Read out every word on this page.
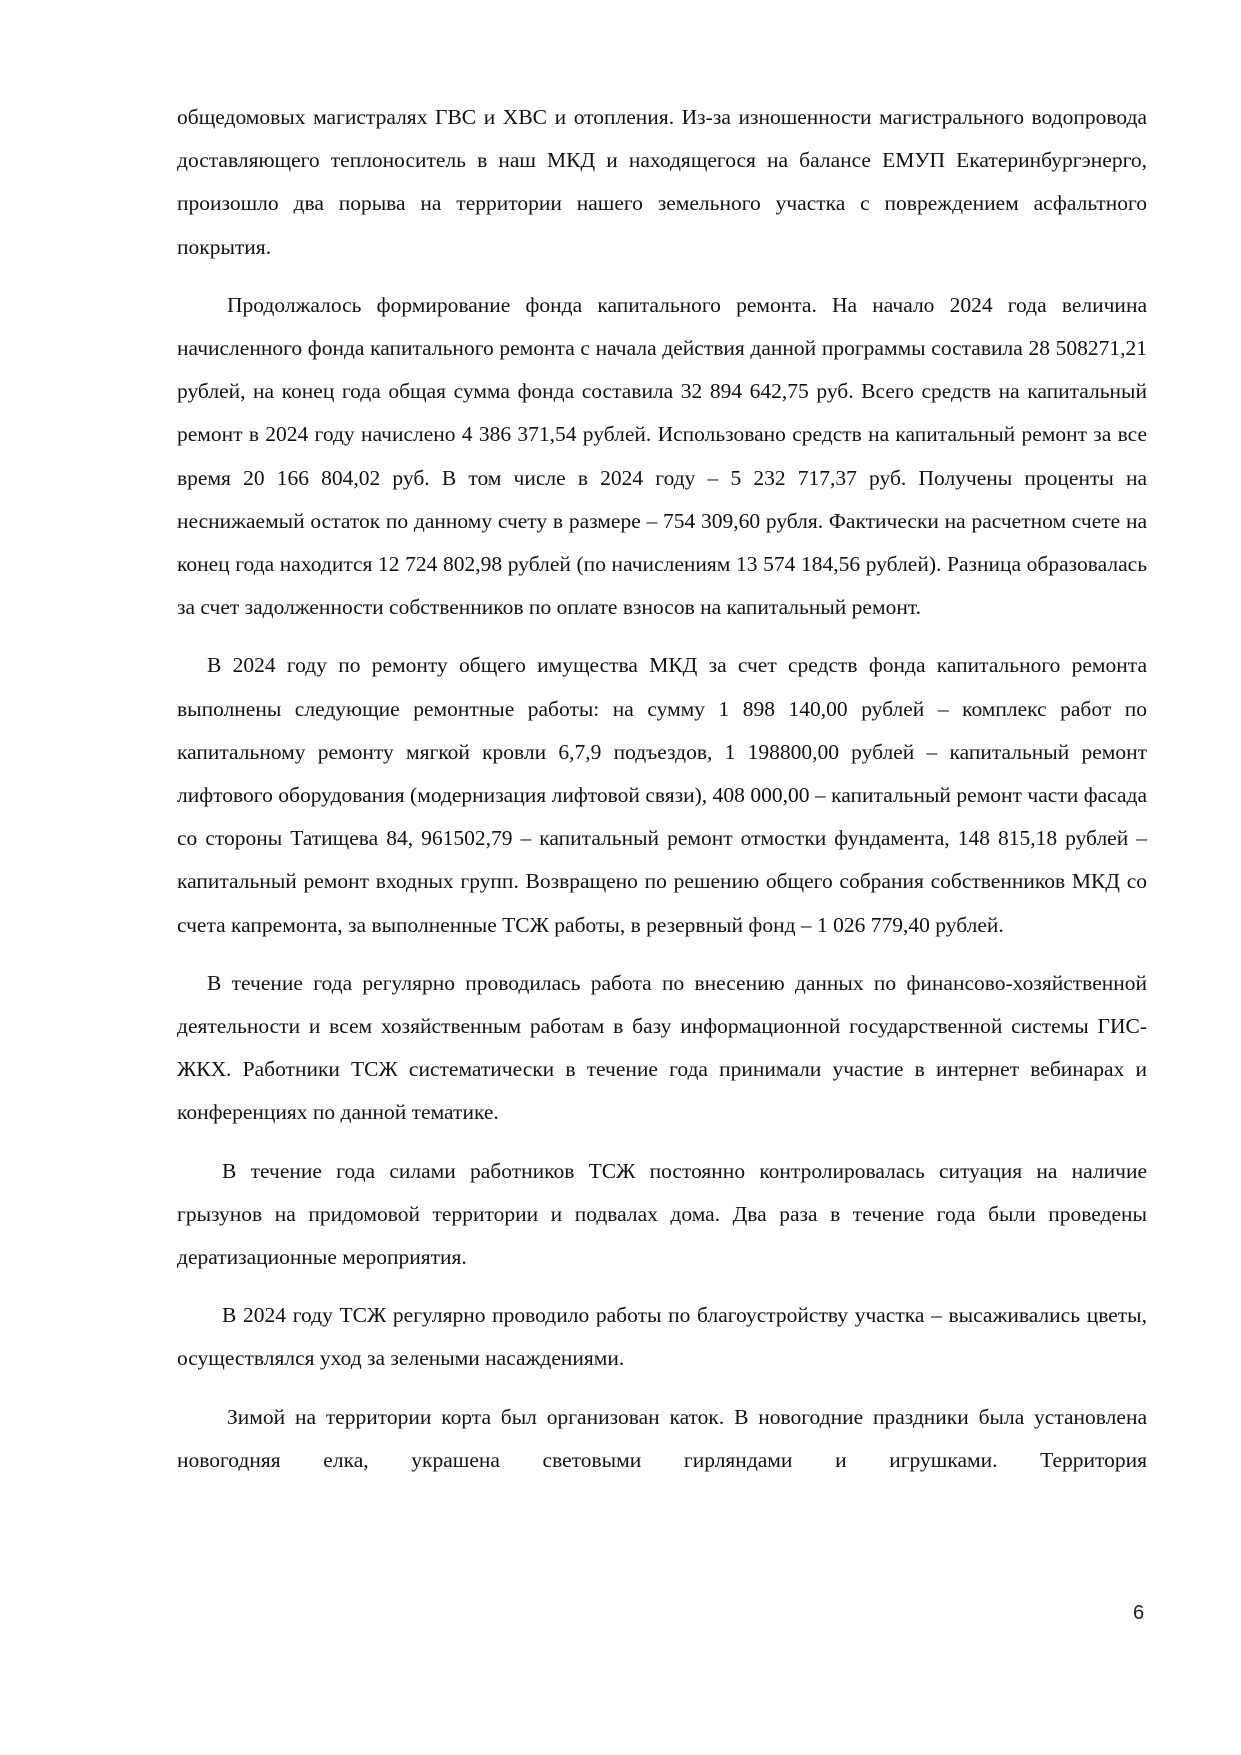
общедомовых магистралях ГВС и ХВС и отопления. Из-за изношенности магистрального водопровода доставляющего теплоноситель в наш МКД и находящегося на балансе ЕМУП Екатеринбургэнерго, произошло два порыва на территории нашего земельного участка с повреждением асфальтного покрытия.

Продолжалось формирование фонда капитального ремонта. На начало 2024 года величина начисленного фонда капитального ремонта с начала действия данной программы составила 28 508271,21 рублей, на конец года общая сумма фонда составила 32 894 642,75 руб. Всего средств на капитальный ремонт в 2024 году начислено 4 386 371,54 рублей. Использовано средств на капитальный ремонт за все время 20 166 804,02 руб. В том числе в 2024 году – 5 232 717,37 руб. Получены проценты на неснижаемый остаток по данному счету в размере – 754 309,60 рубля. Фактически на расчетном счете на конец года находится 12 724 802,98 рублей (по начислениям 13 574 184,56 рублей). Разница образовалась за счет задолженности собственников по оплате взносов на капитальный ремонт.

В 2024 году по ремонту общего имущества МКД за счет средств фонда капитального ремонта выполнены следующие ремонтные работы: на сумму 1 898 140,00 рублей – комплекс работ по капитальному ремонту мягкой кровли 6,7,9 подъездов, 1 198800,00 рублей – капитальный ремонт лифтового оборудования (модернизация лифтовой связи), 408 000,00 – капитальный ремонт части фасада со стороны Татищева 84, 961502,79 – капитальный ремонт отмостки фундамента, 148 815,18 рублей – капитальный ремонт входных групп. Возвращено по решению общего собрания собственников МКД со счета капремонта, за выполненные ТСЖ работы, в резервный фонд – 1 026 779,40 рублей.

В течение года регулярно проводилась работа по внесению данных по финансово-хозяйственной деятельности и всем хозяйственным работам в базу информационной государственной системы ГИС-ЖКХ. Работники ТСЖ систематически в течение года принимали участие в интернет вебинарах и конференциях по данной тематике.

В течение года силами работников ТСЖ постоянно контролировалась ситуация на наличие грызунов на придомовой территории и подвалах дома. Два раза в течение года были проведены дератизационные мероприятия.

В 2024 году ТСЖ регулярно проводило работы по благоустройству участка – высаживались цветы, осуществлялся уход за зелеными насаждениями.

Зимой на территории корта был организован каток. В новогодние праздники была установлена новогодняя елка, украшена световыми гирляндами и игрушками. Территория

6
